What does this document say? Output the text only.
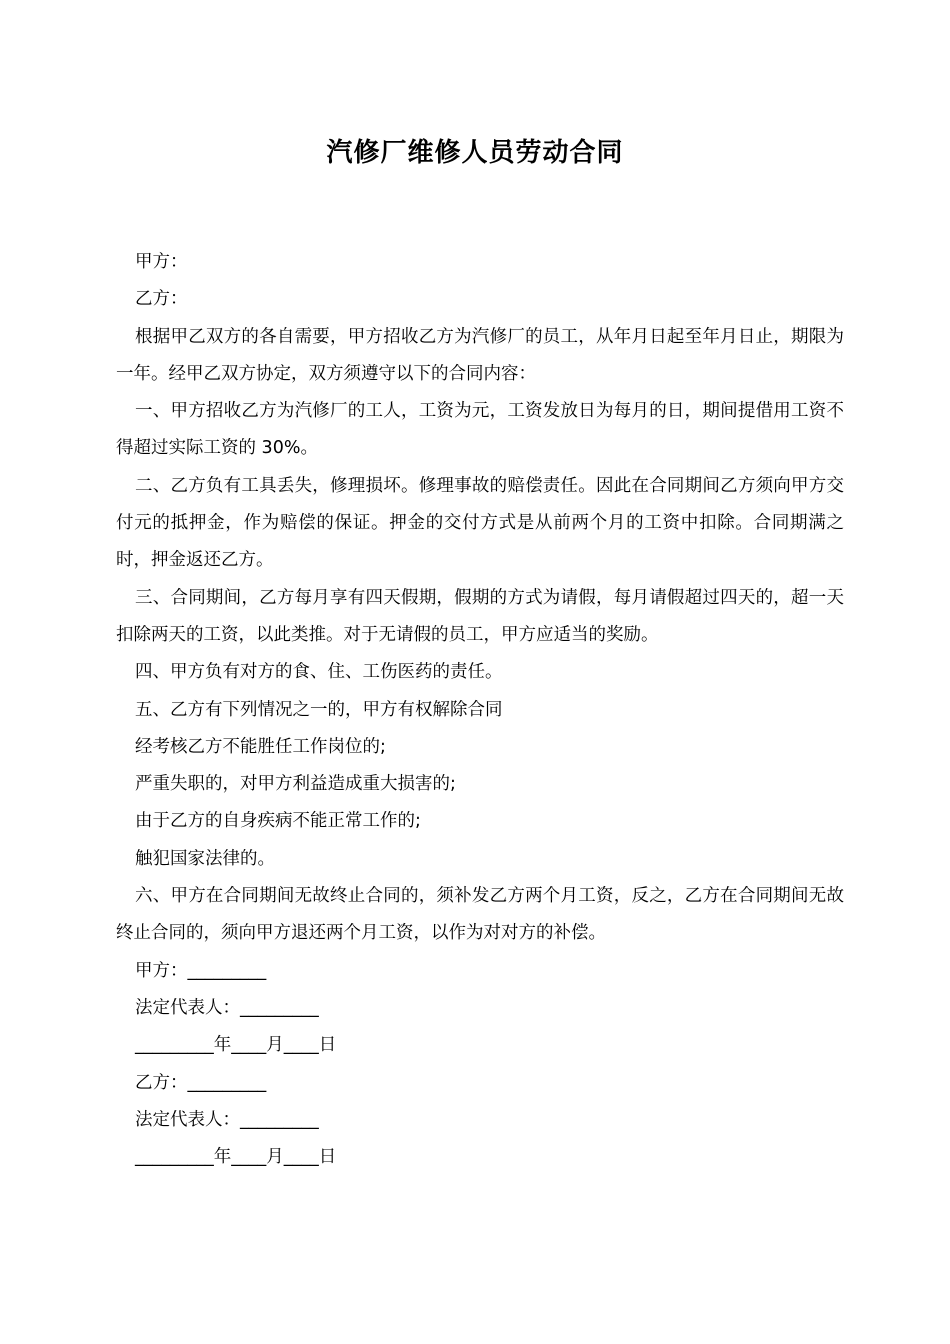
汽修厂维修人员劳动合同

甲方：

乙方：

根据甲乙双方的各自需要，甲方招收乙方为汽修厂的员工，从年月日起至年月日止，期限为一年。经甲乙双方协定，双方须遵守以下的合同内容：

一、甲方招收乙方为汽修厂的工人，工资为元，工资发放日为每月的日，期间提借用工资不得超过实际工资的 30%。

二、乙方负有工具丢失，修理损坏。修理事故的赔偿责任。因此在合同期间乙方须向甲方交付元的抵押金，作为赔偿的保证。押金的交付方式是从前两个月的工资中扣除。合同期满之时，押金返还乙方。

三、合同期间，乙方每月享有四天假期，假期的方式为请假，每月请假超过四天的，超一天扣除两天的工资，以此类推。对于无请假的员工，甲方应适当的奖励。

四、甲方负有对方的食、住、工伤医药的责任。

五、乙方有下列情况之一的，甲方有权解除合同

经考核乙方不能胜任工作岗位的;

严重失职的，对甲方利益造成重大损害的;

由于乙方的自身疾病不能正常工作的;

触犯国家法律的。

六、甲方在合同期间无故终止合同的，须补发乙方两个月工资，反之，乙方在合同期间无故终止合同的，须向甲方退还两个月工资，以作为对对方的补偿。

甲方：_________

法定代表人：_________

_________年____月____日

乙方：_________

法定代表人：_________

_________年____月____日
